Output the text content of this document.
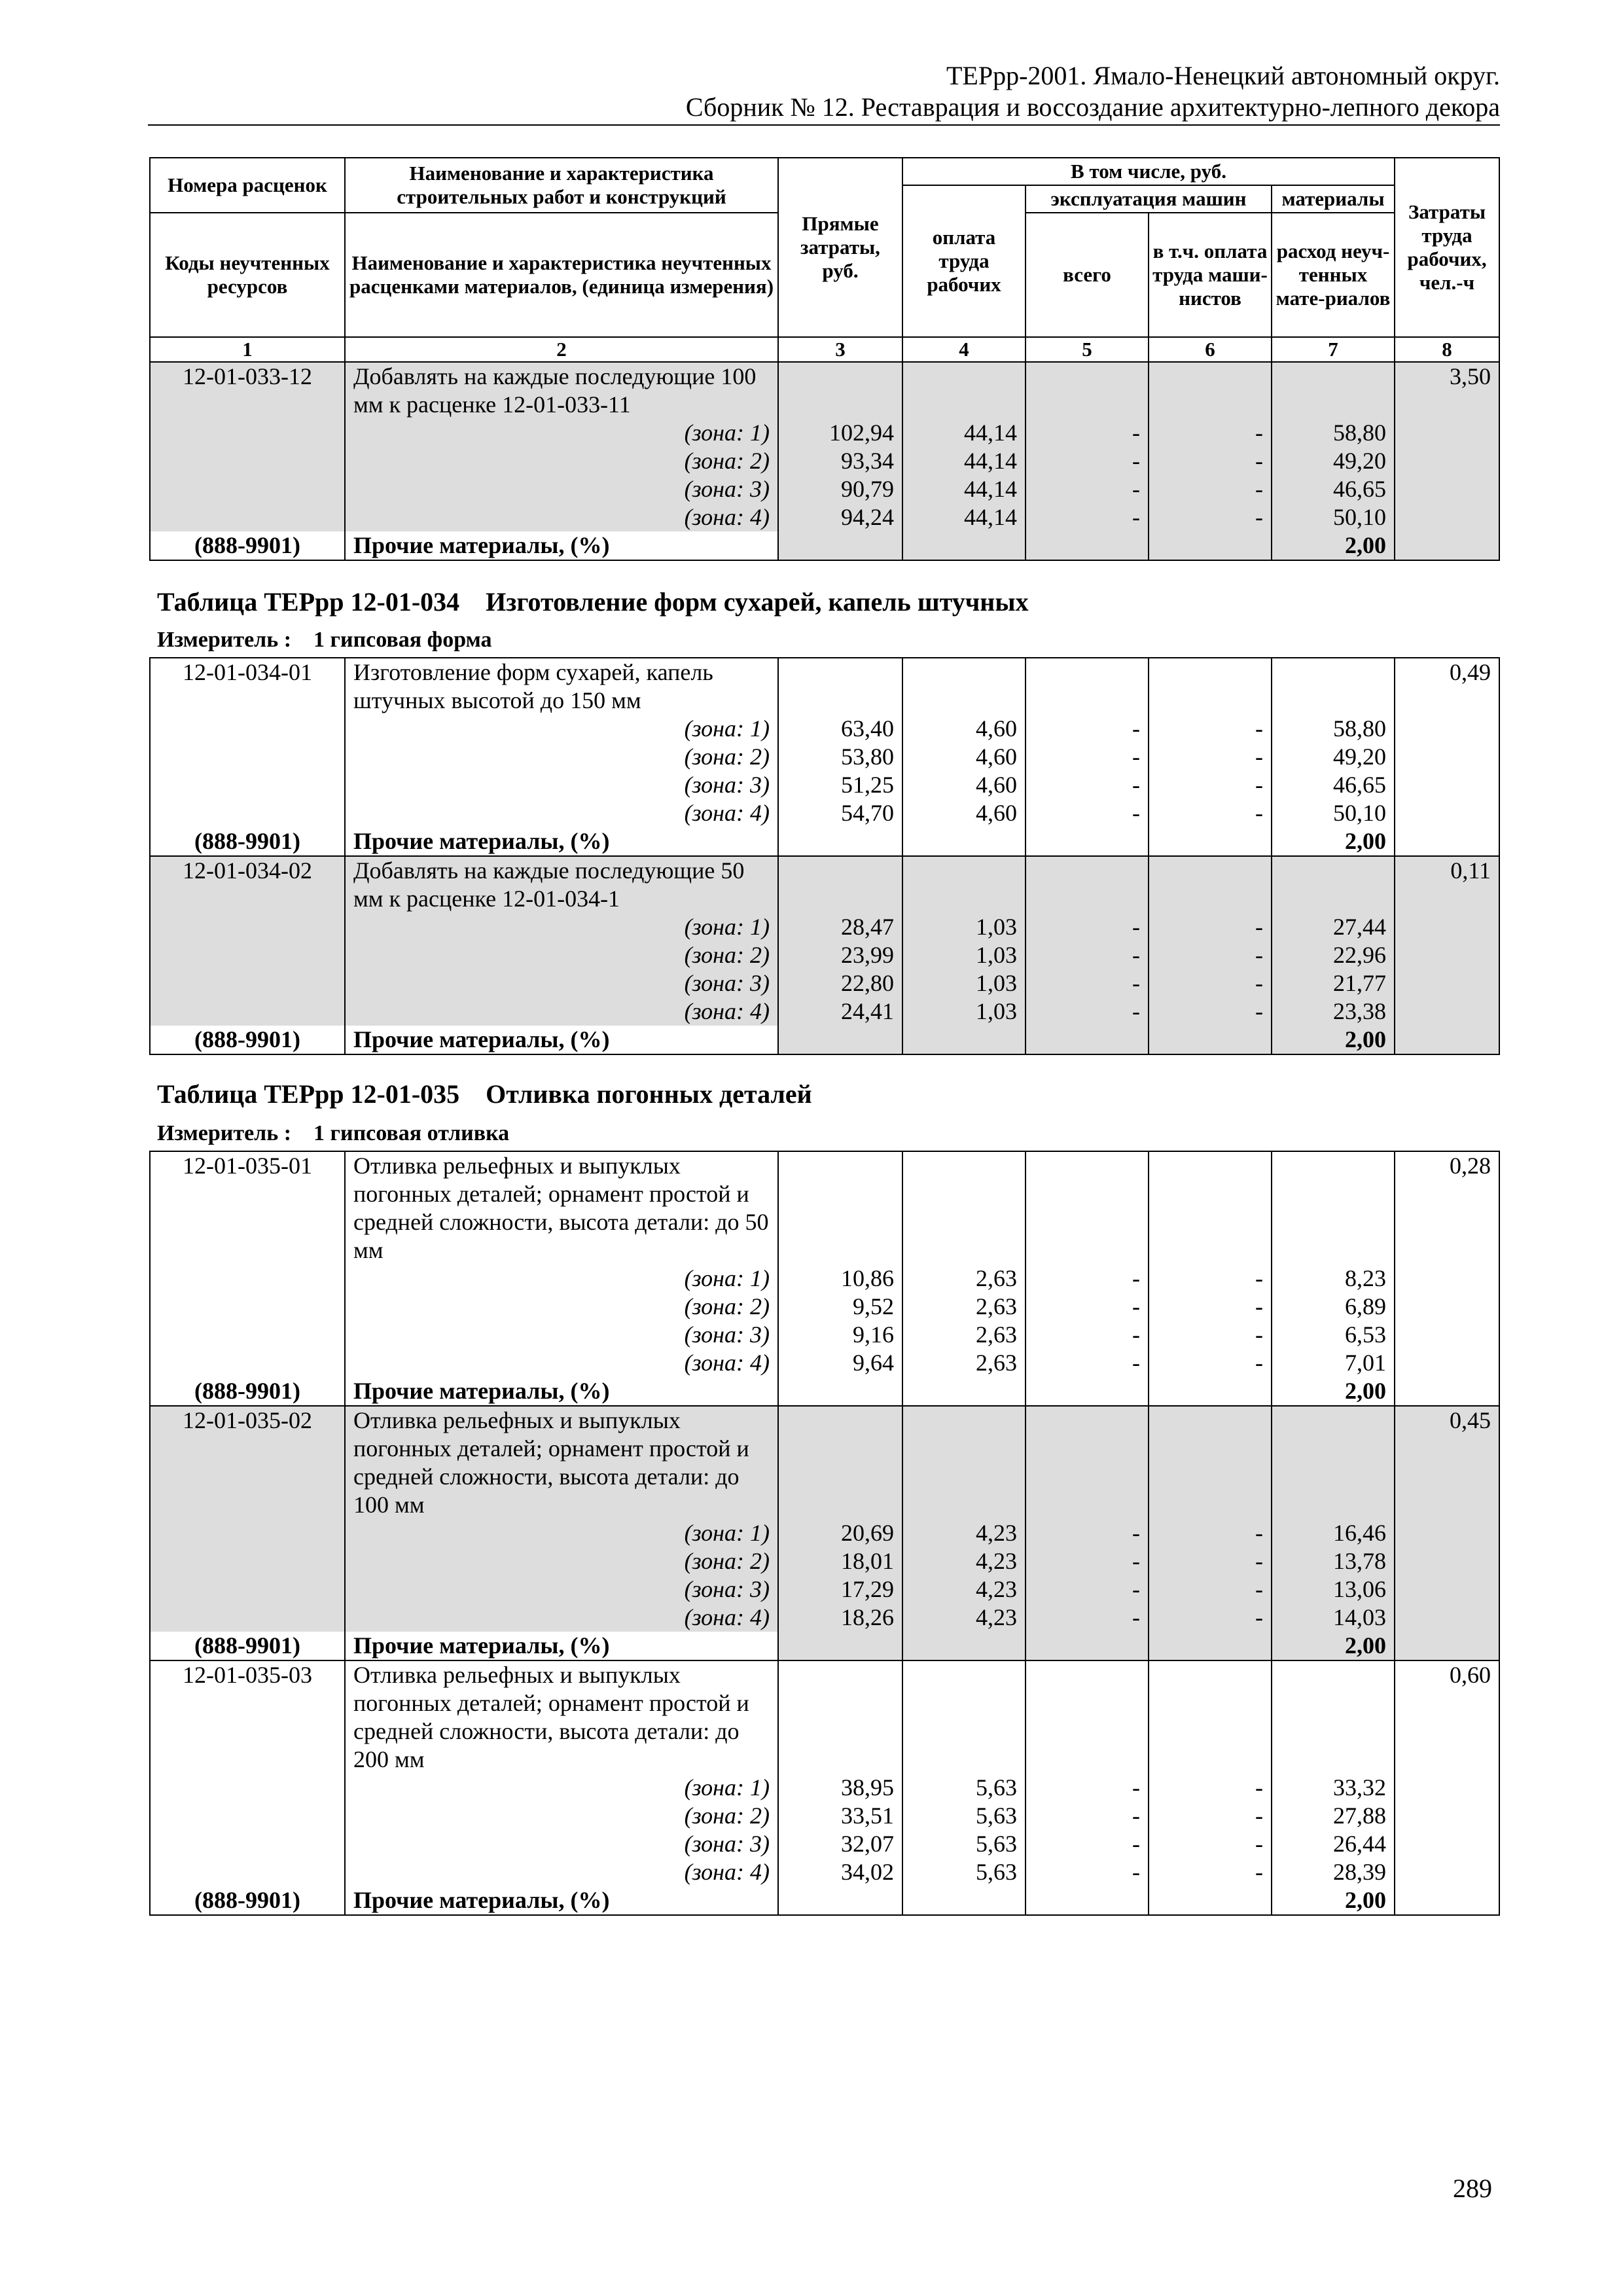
ТЕРрр-2001. Ямало-Ненецкий автономный округ.
Сборник № 12. Реставрация и воссоздание архитектурно-лепного декора
Номера расценок	Наименование и характеристика строительных работ и конструкций	Прямые затраты, руб.	В том числе, руб.				Затраты труда рабочих, чел.-ч
			оплата труда рабочих	эксплуатация машин		материалы	
Коды неучтенных ресурсов	Наименование и характеристика неучтенных расценками материалов, (единица измерения)			всего	в т.ч. оплата труда маши-нистов	расход неуч-тенных мате-риалов	
1	2	3	4	5	6	7	8
12-01-033-12	Добавлять на каждые последующие 100 мм к расценке 12-01-033-11						3,50
	(зона: 1)	102,94	44,14	-	-	58,80	
	(зона: 2)	93,34	44,14	-	-	49,20	
	(зона: 3)	90,79	44,14	-	-	46,65	
	(зона: 4)	94,24	44,14	-	-	50,10	
(888-9901)	Прочие материалы, (%)					2,00	
Таблица ТЕРрр 12-01-034    Изготовление форм сухарей, капель штучных
Измеритель :    1 гипсовая форма
12-01-034-01	Изготовление форм сухарей, капель штучных высотой до 150 мм						0,49
	(зона: 1)	63,40	4,60	-	-	58,80	
	(зона: 2)	53,80	4,60	-	-	49,20	
	(зона: 3)	51,25	4,60	-	-	46,65	
	(зона: 4)	54,70	4,60	-	-	50,10	
(888-9901)	Прочие материалы, (%)					2,00	
12-01-034-02	Добавлять на каждые последующие 50 мм к расценке 12-01-034-1						0,11
	(зона: 1)	28,47	1,03	-	-	27,44	
	(зона: 2)	23,99	1,03	-	-	22,96	
	(зона: 3)	22,80	1,03	-	-	21,77	
	(зона: 4)	24,41	1,03	-	-	23,38	
(888-9901)	Прочие материалы, (%)					2,00	
Таблица ТЕРрр 12-01-035    Отливка погонных деталей
Измеритель :    1 гипсовая отливка
12-01-035-01	Отливка рельефных и выпуклых погонных деталей; орнамент простой и средней сложности, высота детали: до 50 мм						0,28
	(зона: 1)	10,86	2,63	-	-	8,23	
	(зона: 2)	9,52	2,63	-	-	6,89	
	(зона: 3)	9,16	2,63	-	-	6,53	
	(зона: 4)	9,64	2,63	-	-	7,01	
(888-9901)	Прочие материалы, (%)					2,00	
12-01-035-02	Отливка рельефных и выпуклых погонных деталей; орнамент простой и средней сложности, высота детали: до 100 мм						0,45
	(зона: 1)	20,69	4,23	-	-	16,46	
	(зона: 2)	18,01	4,23	-	-	13,78	
	(зона: 3)	17,29	4,23	-	-	13,06	
	(зона: 4)	18,26	4,23	-	-	14,03	
(888-9901)	Прочие материалы, (%)					2,00	
12-01-035-03	Отливка рельефных и выпуклых погонных деталей; орнамент простой и средней сложности, высота детали: до 200 мм						0,60
	(зона: 1)	38,95	5,63	-	-	33,32	
	(зона: 2)	33,51	5,63	-	-	27,88	
	(зона: 3)	32,07	5,63	-	-	26,44	
	(зона: 4)	34,02	5,63	-	-	28,39	
(888-9901)	Прочие материалы, (%)					2,00	
289
